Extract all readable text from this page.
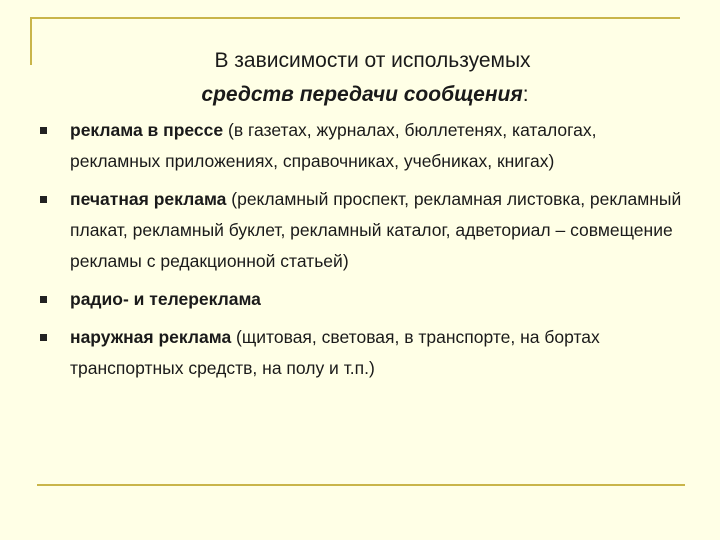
В зависимости от используемых
средств передачи сообщения:
реклама в прессе (в газетах, журналах, бюллетенях, каталогах, рекламных приложениях, справочниках, учебниках, книгах)
печатная реклама (рекламный проспект, рекламная листовка, рекламный плакат, рекламный буклет, рекламный каталог, адветориал – совмещение рекламы с редакционной статьей)
радио- и телереклама
наружная реклама (щитовая, световая, в транспорте, на бортах транспортных средств, на полу и т.п.)
